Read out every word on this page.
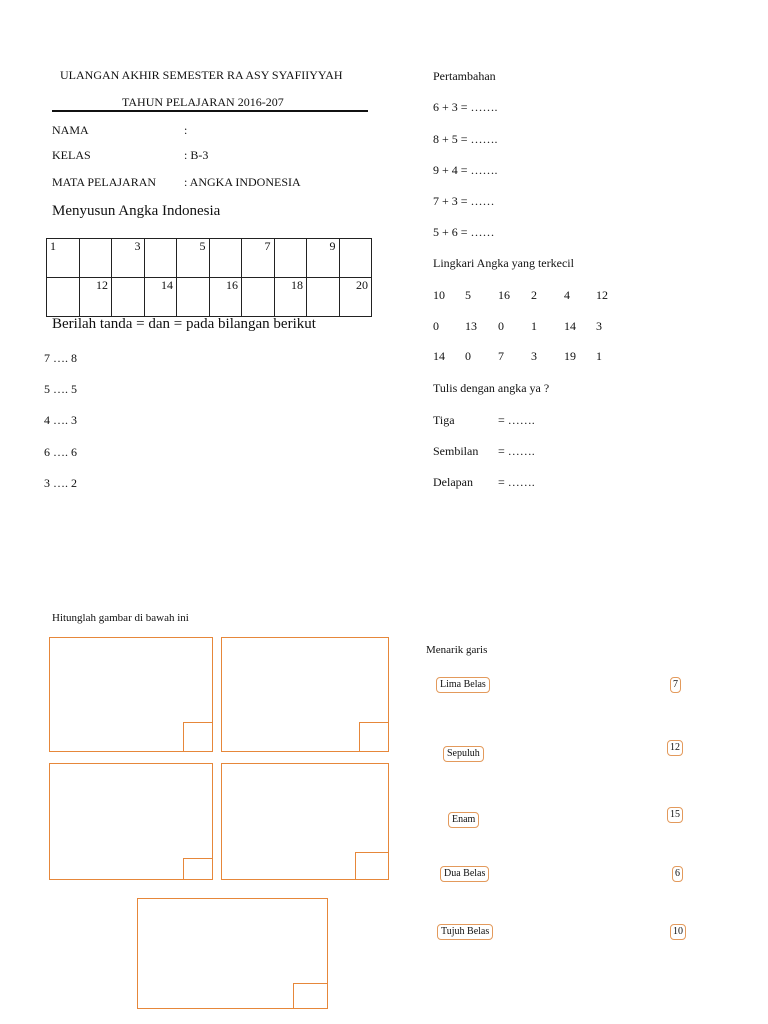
ULANGAN AKHIR SEMESTER RA ASY SYAFIIYYAH
TAHUN PELAJARAN 2016-207
NAMA	:
KELAS	: B-3
MATA PELAJARAN : ANGKA INDONESIA
Menyusun Angka Indonesia
1		3		5		7		9	
	12		14		16		18		20
Berilah tanda = dan = pada bilangan berikut
7 …. 8
5 …. 5
4 …. 3
6 …. 6
3 …. 2
Pertambahan
6 + 3 = …….
8 + 5 = …….
9 + 4 = …….
7 + 3 = ……
5 + 6 = ……
Lingkari Angka yang terkecil
10 5 16 2 4 12
0 13 0 1 14 3
14 0 7 3 19 1
Tulis dengan angka ya ?
Tiga	= …….
Sembilan = …….
Delapan = …….
Hitunglah gambar di bawah ini
Menarik garis
Lima Belas
Sepuluh
Enam
Dua Belas
Tujuh Belas
7
12
15
6
10
